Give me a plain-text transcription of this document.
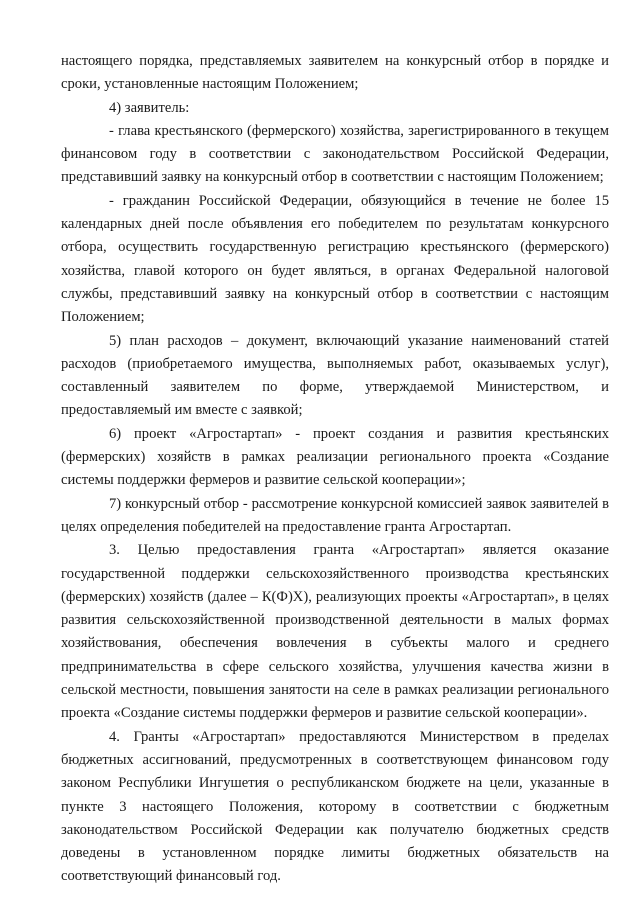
настоящего порядка, представляемых заявителем на конкурсный отбор в порядке и сроки, установленные настоящим Положением;

4) заявитель:

- глава крестьянского (фермерского) хозяйства, зарегистрированного в текущем финансовом году в соответствии с законодательством Российской Федерации, представивший заявку на конкурсный отбор в соответствии с настоящим Положением;

- гражданин Российской Федерации, обязующийся в течение не более 15 календарных дней после объявления его победителем по результатам конкурсного отбора, осуществить государственную регистрацию крестьянского (фермерского) хозяйства, главой которого он будет являться, в органах Федеральной налоговой службы, представивший заявку на конкурсный отбор в соответствии с настоящим Положением;

5) план расходов – документ, включающий указание наименований статей расходов (приобретаемого имущества, выполняемых работ, оказываемых услуг), составленный заявителем по форме, утверждаемой Министерством, и предоставляемый им вместе с заявкой;

6) проект «Агростартап» - проект создания и развития крестьянских (фермерских) хозяйств в рамках реализации регионального проекта «Создание системы поддержки фермеров и развитие сельской кооперации»;

7) конкурсный отбор - рассмотрение конкурсной комиссией заявок заявителей в целях определения победителей на предоставление гранта Агростартап.

3. Целью предоставления гранта «Агростартап» является оказание государственной поддержки сельскохозяйственного производства крестьянских (фермерских) хозяйств (далее – К(Ф)Х), реализующих проекты «Агростартап», в целях развития сельскохозяйственной производственной деятельности в малых формах хозяйствования, обеспечения вовлечения в субъекты малого и среднего предпринимательства в сфере сельского хозяйства, улучшения качества жизни в сельской местности, повышения занятости на селе в рамках реализации регионального проекта «Создание системы поддержки фермеров и развитие сельской кооперации».

4. Гранты «Агростартап» предоставляются Министерством в пределах бюджетных ассигнований, предусмотренных в соответствующем финансовом году законом Республики Ингушетия о республиканском бюджете на цели, указанные в пункте 3 настоящего Положения, которому в соответствии с бюджетным законодательством Российской Федерации как получателю бюджетных средств доведены в установленном порядке лимиты бюджетных обязательств на соответствующий финансовый год.
